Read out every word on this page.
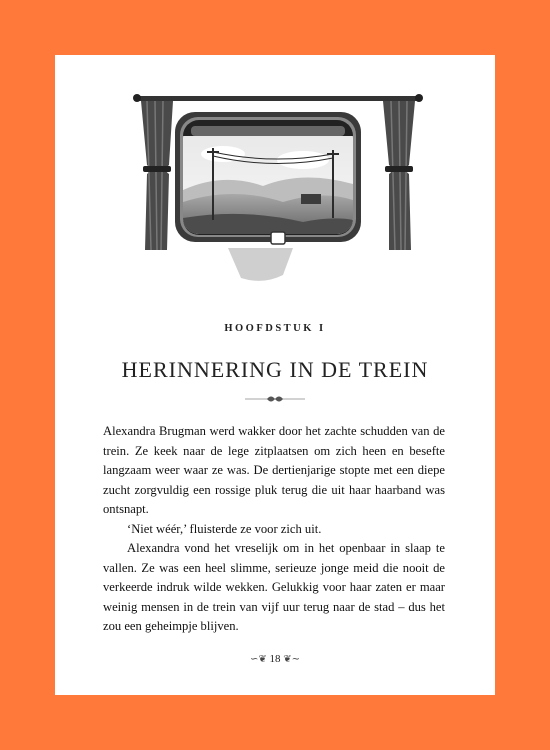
HOOFDSTUK I
HERINNERING IN DE TREIN

Alexandra Brugman werd wakker door het zachte schudden van de trein. Ze keek naar de lege zitplaatsen om zich heen en besefte langzaam weer waar ze was. De dertienjarige stopte met een diepe zucht zorgvuldig een rossige pluk terug die uit haar haarband was ontsnapt.

‘Niet wéér,’ fluisterde ze voor zich uit.

Alexandra vond het vreselijk om in het openbaar in slaap te vallen. Ze was een heel slimme, serieuze jonge meid die nooit de verkeerde indruk wilde wekken. Gelukkig voor haar zaten er maar weinig mensen in de trein van vijf uur terug naar de stad – dus het zou een geheimpje blijven.

∽❦ 18 ❦∼
